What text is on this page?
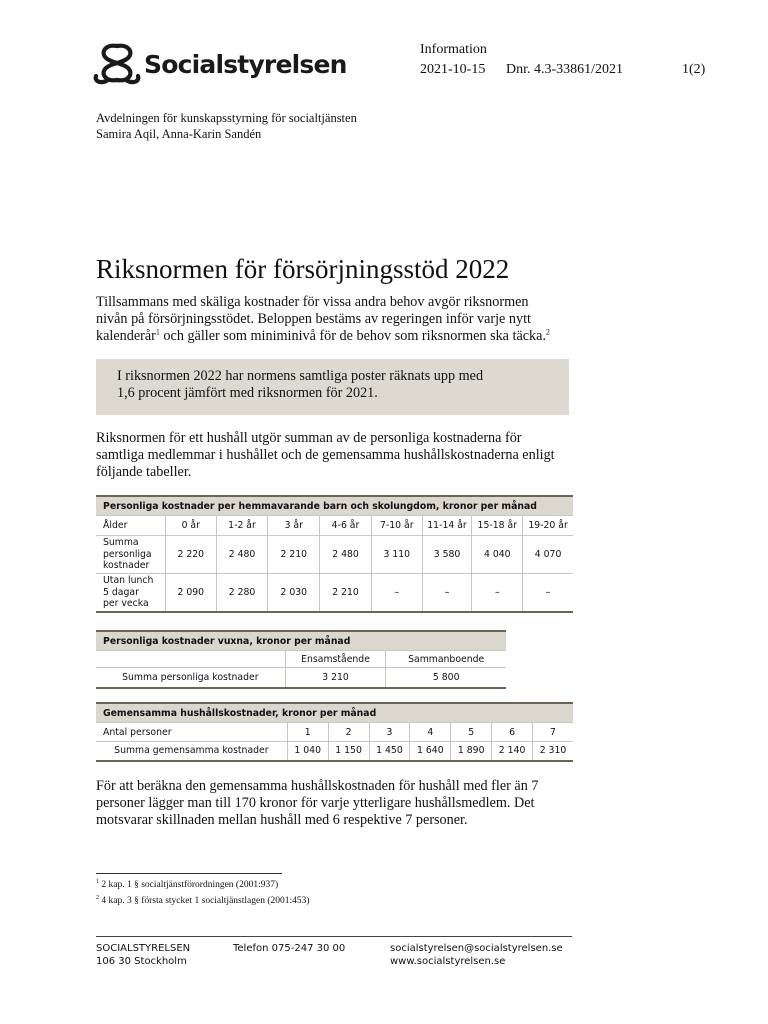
Socialstyrelsen
Information
2021-10-15 Dnr. 4.3-33861/2021	1(2)
Avdelningen för kunskapsstyrning för socialtjänsten
Samira Aqil, Anna-Karin Sandén
Riksnormen för försörjningsstöd 2022
Tillsammans med skäliga kostnader för vissa andra behov avgör riksnormen
nivån på försörjningsstödet. Beloppen bestäms av regeringen inför varje nytt
kalenderår$^1$ och gäller som miniminivå för de behov som riksnormen ska täcka.$^2$
I riksnormen 2022 har normens samtliga poster räknats upp med
1,6 procent jämfört med riksnormen för 2021.
Riksnormen för ett hushåll utgör summan av de personliga kostnaderna för
samtliga medlemmar i hushållet och de gemensamma hushållskostnaderna enligt
följande tabeller.
Personliga kostnader per hemmavarande barn och skolungdom, kronor per månad								
Ålder	0 år	1-2 år	3 år	4-6 år	7-10 år	11-14 år	15-18 år	19-20 år

Summa
personliga
kostnader	2 220	2 480	2 210	2 480	3 110	3 580	4 040	4 070

Utan lunch
5 dagar
per vecka	2 090	2 280	2 030	2 210	–	–	–	–
Personliga kostnader vuxna, kronor per månad		
	Ensamstående	Sammanboende
Summa personliga kostnader	3 210	5 800
Gemensamma hushållskostnader, kronor per månad							
Antal personer	1	2	3	4	5	6	7
Summa gemensamma kostnader	1 040	1 150	1 450	1 640	1 890	2 140	2 310
För att beräkna den gemensamma hushållskostnaden för hushåll med fler än 7
personer lägger man till 170 kronor för varje ytterligare hushållsmedlem. Det
motsvarar skillnaden mellan hushåll med 6 respektive 7 personer.
$^1$ 2 kap. 1 § socialtjänstförordningen (2001:937)
$^2$ 4 kap. 3 § första stycket 1 socialtjänstlagen (2001:453)
SOCIALSTYRELSEN
106 30 Stockholm
Telefon 075-247 30 00	socialstyrelsen@socialstyrelsen.se
www.socialstyrelsen.se
